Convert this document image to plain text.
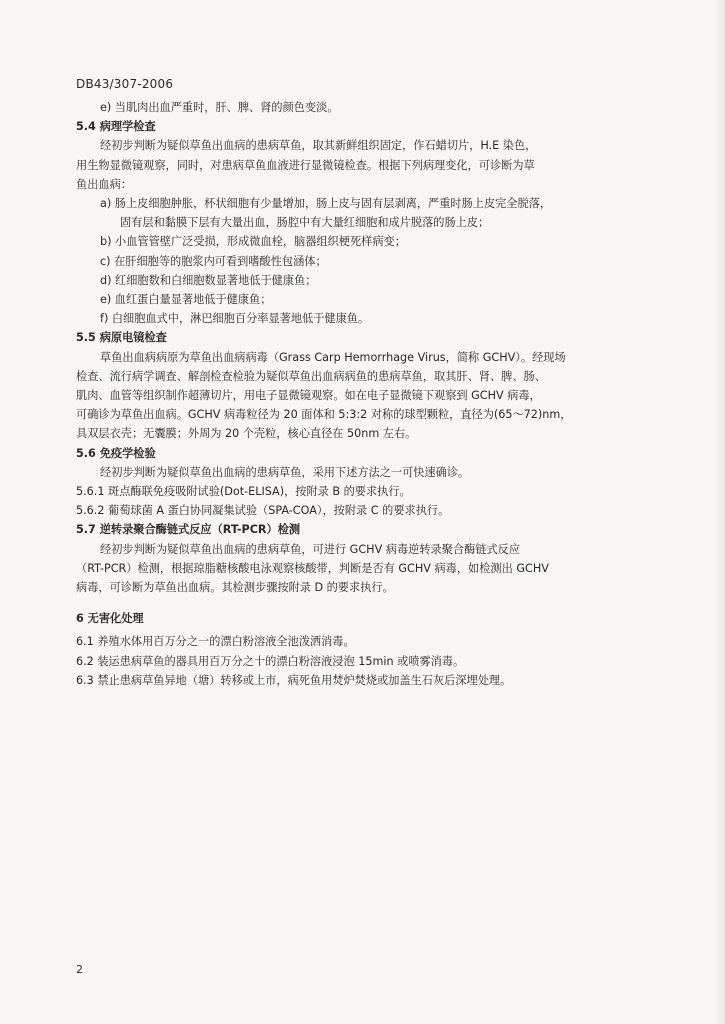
DB43/307-2006
e) 当肌肉出血严重时，肝、脾、肾的颜色变淡。
5.4 病理学检查
经初步判断为疑似草鱼出血病的患病草鱼，取其新鲜组织固定，作石蜡切片，H.E 染色，
用生物显微镜观察，同时，对患病草鱼血液进行显微镜检查。根据下列病理变化，可诊断为草
鱼出血病：
a) 肠上皮细胞肿胀，杯状细胞有少量增加，肠上皮与固有层剥离，严重时肠上皮完全脱落，
固有层和黏膜下层有大量出血，肠腔中有大量红细胞和成片脱落的肠上皮；
b) 小血管管壁广泛受损，形成微血栓，脑器组织梗死样病变；
c) 在肝细胞等的胞浆内可看到嗜酸性包涵体；
d) 红细胞数和白细胞数显著地低于健康鱼；
e) 血红蛋白量显著地低于健康鱼；
f) 白细胞血式中，淋巴细胞百分率显著地低于健康鱼。
5.5 病原电镜检查
草鱼出血病病原为草鱼出血病病毒（Grass Carp Hemorrhage Virus，简称 GCHV）。经现场
检查、流行病学调查、解剖检查检验为疑似草鱼出血病病鱼的患病草鱼，取其肝、肾、脾、肠、
肌肉、血管等组织制作超薄切片，用电子显微镜观察。如在电子显微镜下观察到 GCHV 病毒，
可确诊为草鱼出血病。GCHV 病毒粒径为 20 面体和 5:3:2 对称的球型颗粒，直径为(65～72)nm，
具双层衣壳；无囊膜；外周为 20 个壳粒，核心直径在 50nm 左右。
5.6 免疫学检验
经初步判断为疑似草鱼出血病的患病草鱼，采用下述方法之一可快速确诊。
5.6.1 斑点酶联免疫吸附试验(Dot-ELISA)，按附录 B 的要求执行。
5.6.2 葡萄球菌 A 蛋白协同凝集试验（SPA-COA），按附录 C 的要求执行。
5.7 逆转录聚合酶链式反应（RT-PCR）检测
经初步判断为疑似草鱼出血病的患病草鱼，可进行 GCHV 病毒逆转录聚合酶链式反应
（RT-PCR）检测，根据琼脂糖核酸电泳观察核酸带，判断是否有 GCHV 病毒，如检测出 GCHV
病毒，可诊断为草鱼出血病。其检测步骤按附录 D 的要求执行。
6 无害化处理
6.1 养殖水体用百万分之一的漂白粉溶液全池泼洒消毒。
6.2 装运患病草鱼的器具用百万分之十的漂白粉溶液浸泡 15min 或喷雾消毒。
6.3 禁止患病草鱼异地（塘）转移或上市，病死鱼用焚炉焚烧或加盖生石灰后深埋处理。
2
